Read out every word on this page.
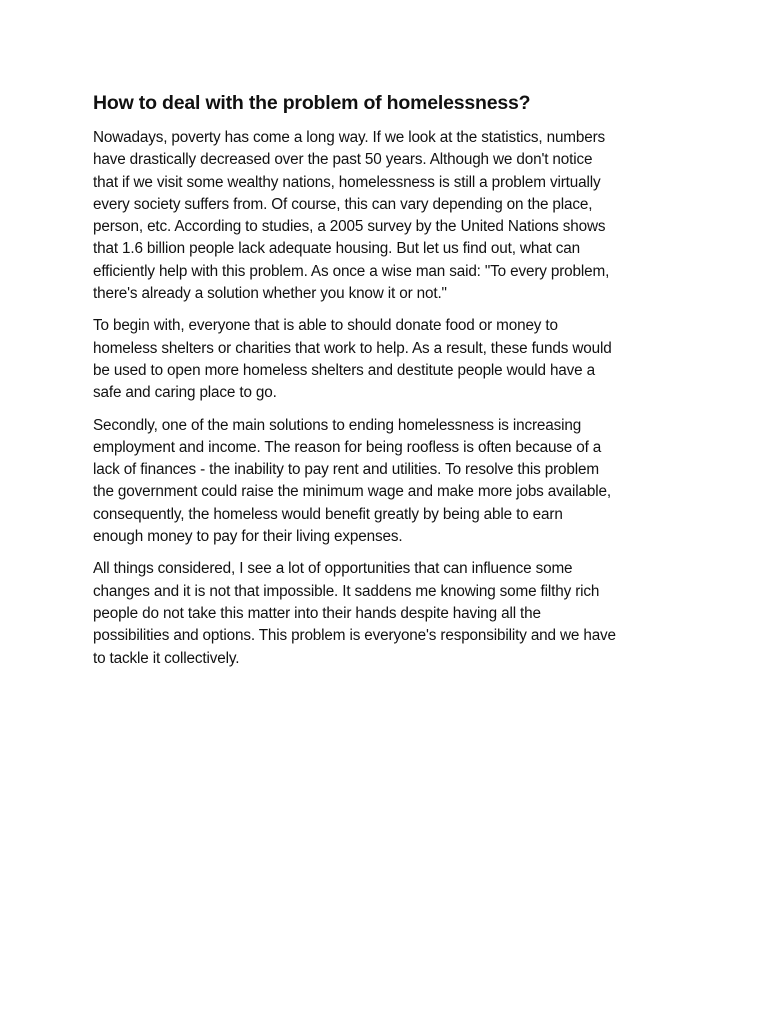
How to deal with the problem of homelessness?

Nowadays, poverty has come a long way. If we look at the statistics, numbers
have drastically decreased over the past 50 years. Although we don't notice
that if we visit some wealthy nations, homelessness is still a problem virtually
every society suffers from. Of course, this can vary depending on the place,
person, etc. According to studies, a 2005 survey by the United Nations shows
that 1.6 billion people lack adequate housing. But let us find out, what can
efficiently help with this problem. As once a wise man said: "To every problem,
there's already a solution whether you know it or not."

To begin with, everyone that is able to should donate food or money to
homeless shelters or charities that work to help. As a result, these funds would
be used to open more homeless shelters and destitute people would have a
safe and caring place to go.

Secondly, one of the main solutions to ending homelessness is increasing
employment and income. The reason for being roofless is often because of a
lack of finances - the inability to pay rent and utilities. To resolve this problem
the government could raise the minimum wage and make more jobs available,
consequently, the homeless would benefit greatly by being able to earn
enough money to pay for their living expenses.

All things considered, I see a lot of opportunities that can influence some
changes and it is not that impossible. It saddens me knowing some filthy rich
people do not take this matter into their hands despite having all the
possibilities and options. This problem is everyone's responsibility and we have
to tackle it collectively.
